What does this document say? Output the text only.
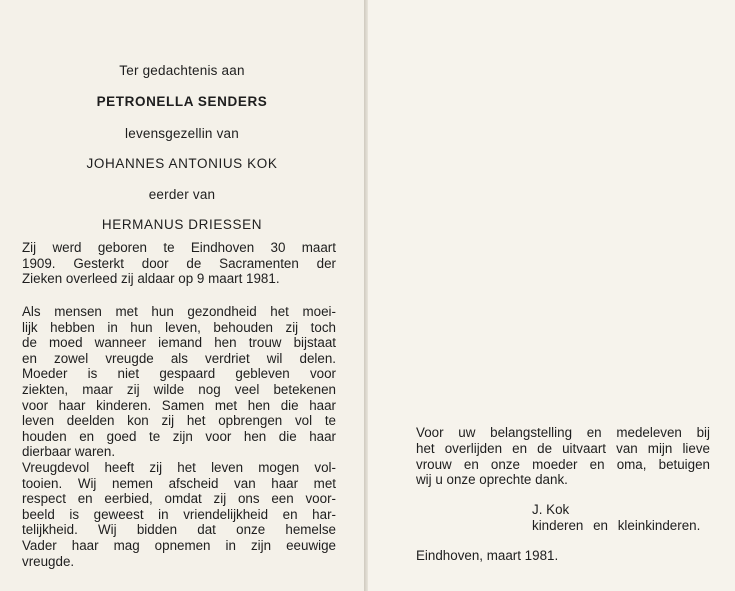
Ter gedachtenis aan
PETRONELLA SENDERS
levensgezellin van
JOHANNES ANTONIUS KOK
eerder van
HERMANUS DRIESSEN
Zij werd geboren te Eindhoven 30 maart
1909. Gesterkt door de Sacramenten der
Zieken overleed zij aldaar op 9 maart 1981.
Als mensen met hun gezondheid het moei-
lijk hebben in hun leven, behouden zij toch
de moed wanneer iemand hen trouw bijstaat
en zowel vreugde als verdriet wil delen.
Moeder is niet gespaard gebleven voor
ziekten, maar zij wilde nog veel betekenen
voor haar kinderen. Samen met hen die haar
leven deelden kon zij het opbrengen vol te
houden en goed te zijn voor hen die haar
dierbaar waren.
Vreugdevol heeft zij het leven mogen vol-
tooien. Wij nemen afscheid van haar met
respect en eerbied, omdat zij ons een voor-
beeld is geweest in vriendelijkheid en har-
telijkheid. Wij bidden dat onze hemelse
Vader haar mag opnemen in zijn eeuwige
vreugde.
Voor uw belangstelling en medeleven bij
het overlijden en de uitvaart van mijn lieve
vrouw en onze moeder en oma, betuigen
wij u onze oprechte dank.
J. Kok
kinderen en kleinkinderen.
Eindhoven, maart 1981.
